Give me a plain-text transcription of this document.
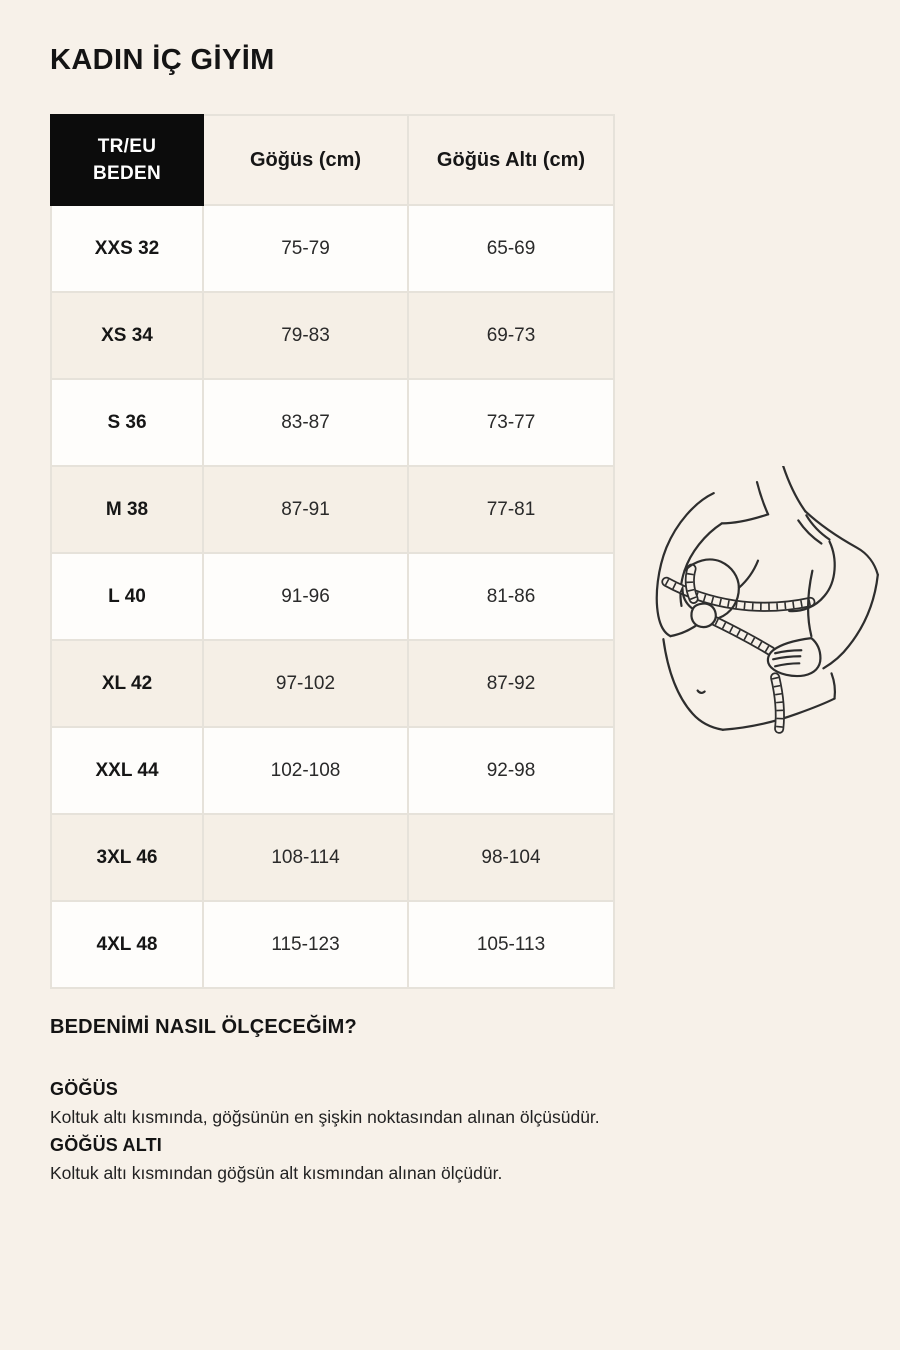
KADIN İÇ GİYİM
TR/EU
BEDEN	Göğüs (cm)	Göğüs Altı (cm)
XXS 32	75-79	65-69
XS 34	79-83	69-73
S 36	83-87	73-77
M 38	87-91	77-81
L 40	91-96	81-86
XL 42	97-102	87-92
XXL 44	102-108	92-98
3XL 46	108-114	98-104
4XL 48	115-123	105-113
BEDENİMİ NASIL ÖLÇECEĞİM?
GÖĞÜS
Koltuk altı kısmında, göğsünün en şişkin noktasından alınan ölçüsüdür.
GÖĞÜS ALTI
Koltuk altı kısmından göğsün alt kısmından alınan ölçüdür.
